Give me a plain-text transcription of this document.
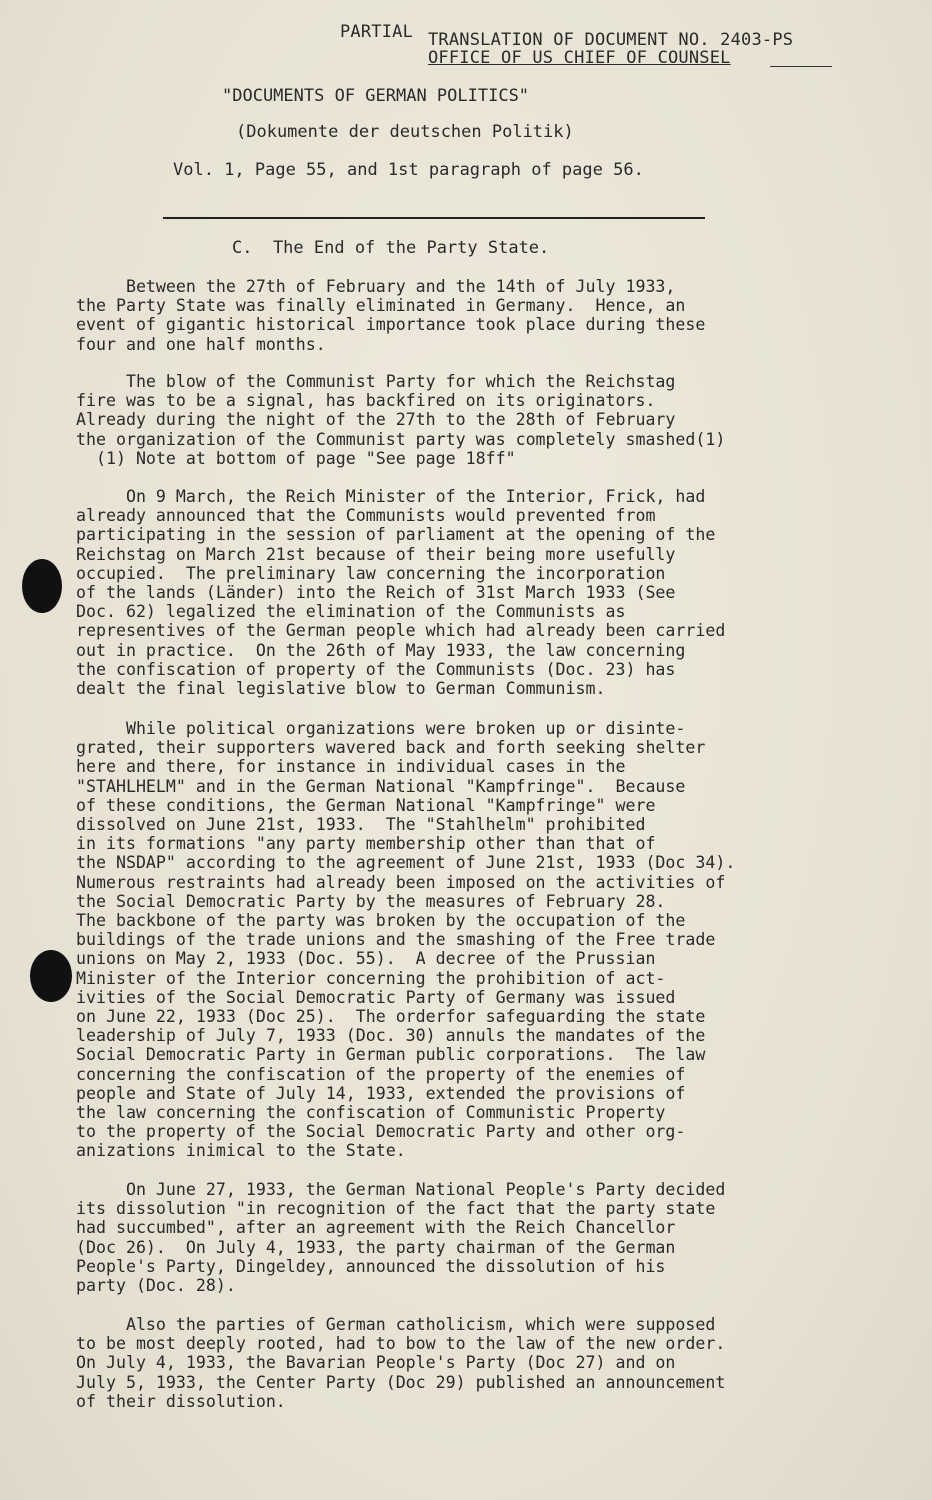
PARTIAL TRANSLATION OF DOCUMENT NO. 2403-PS
OFFICE OF US CHIEF OF COUNSEL
"DOCUMENTS OF GERMAN POLITICS"
(Dokumente der deutschen Politik)
Vol. 1, Page 55, and 1st paragraph of page 56.
C.  The End of the Party State.
Between the 27th of February and the 14th of July 1933,
the Party State was finally eliminated in Germany.  Hence, an
event of gigantic historical importance took place during these
four and one half months.
The blow of the Communist Party for which the Reichstag
fire was to be a signal, has backfired on its originators.
Already during the night of the 27th to the 28th of February
the organization of the Communist party was completely smashed(1)
(1) Note at bottom of page "See page 18ff"
On 9 March, the Reich Minister of the Interior, Frick, had
already announced that the Communists would prevented from
participating in the session of parliament at the opening of the
Reichstag on March 21st because of their being more usefully
occupied.  The preliminary law concerning the incorporation
of the lands (Länder) into the Reich of 31st March 1933 (See
Doc. 62) legalized the elimination of the Communists as
representives of the German people which had already been carried
out in practice.  On the 26th of May 1933, the law concerning
the confiscation of property of the Communists (Doc. 23) has
dealt the final legislative blow to German Communism.
While political organizations were broken up or disinte-
grated, their supporters wavered back and forth seeking shelter
here and there, for instance in individual cases in the
"STAHLHELM" and in the German National "Kampfringe".  Because
of these conditions, the German National "Kampfringe" were
dissolved on June 21st, 1933.  The "Stahlhelm" prohibited
in its formations "any party membership other than that of
the NSDAP" according to the agreement of June 21st, 1933 (Doc 34).
Numerous restraints had already been imposed on the activities of
the Social Democratic Party by the measures of February 28.
The backbone of the party was broken by the occupation of the
buildings of the trade unions and the smashing of the Free trade
unions on May 2, 1933 (Doc. 55).  A decree of the Prussian
Minister of the Interior concerning the prohibition of act-
ivities of the Social Democratic Party of Germany was issued
on June 22, 1933 (Doc 25).  The orderfor safeguarding the state
leadership of July 7, 1933 (Doc. 30) annuls the mandates of the
Social Democratic Party in German public corporations.  The law
concerning the confiscation of the property of the enemies of
people and State of July 14, 1933, extended the provisions of
the law concerning the confiscation of Communistic Property
to the property of the Social Democratic Party and other org-
anizations inimical to the State.
On June 27, 1933, the German National People's Party decided
its dissolution "in recognition of the fact that the party state
had succumbed", after an agreement with the Reich Chancellor
(Doc 26).  On July 4, 1933, the party chairman of the German
People's Party, Dingeldey, announced the dissolution of his
party (Doc. 28).
Also the parties of German catholicism, which were supposed
to be most deeply rooted, had to bow to the law of the new order.
On July 4, 1933, the Bavarian People's Party (Doc 27) and on
July 5, 1933, the Center Party (Doc 29) published an announcement
of their dissolution.
